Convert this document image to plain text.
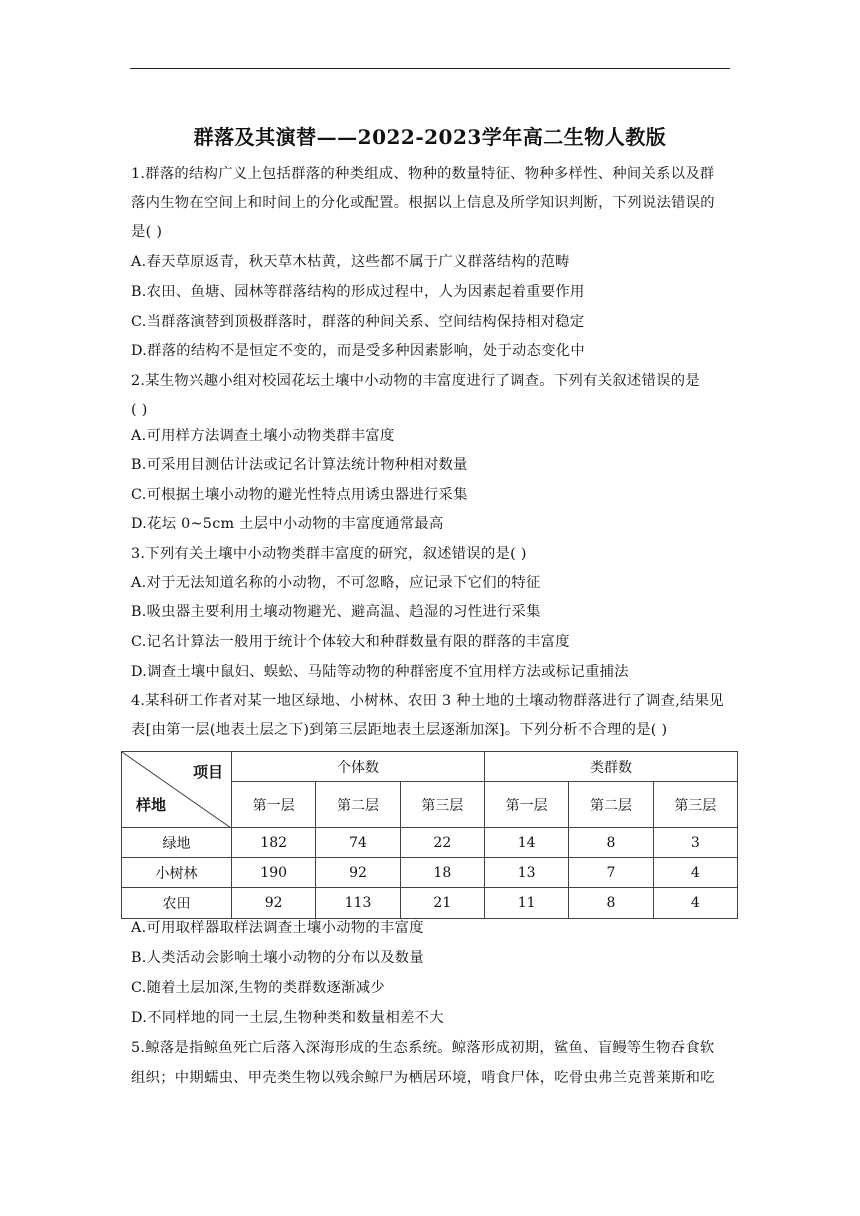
群落及其演替——2022-2023学年高二生物人教版
1.群落的结构广义上包括群落的种类组成、物种的数量特征、物种多样性、种间关系以及群
落内生物在空间上和时间上的分化或配置。根据以上信息及所学知识判断，下列说法错误的
是( )
A.春天草原返青，秋天草木枯黄，这些都不属于广义群落结构的范畴
B.农田、鱼塘、园林等群落结构的形成过程中，人为因素起着重要作用
C.当群落演替到顶极群落时，群落的种间关系、空间结构保持相对稳定
D.群落的结构不是恒定不变的，而是受多种因素影响，处于动态变化中
2.某生物兴趣小组对校园花坛土壤中小动物的丰富度进行了调查。下列有关叙述错误的是
( )
A.可用样方法调查土壤小动物类群丰富度
B.可采用目测估计法或记名计算法统计物种相对数量
C.可根据土壤小动物的避光性特点用诱虫器进行采集
D.花坛 0~5cm 土层中小动物的丰富度通常最高
3.下列有关土壤中小动物类群丰富度的研究，叙述错误的是( )
A.对于无法知道名称的小动物，不可忽略，应记录下它们的特征
B.吸虫器主要利用土壤动物避光、避高温、趋湿的习性进行采集
C.记名计算法一般用于统计个体较大和种群数量有限的群落的丰富度
D.调查土壤中鼠妇、蜈蚣、马陆等动物的种群密度不宜用样方法或标记重捕法
4.某科研工作者对某一地区绿地、小树林、农田 3 种土地的土壤动物群落进行了调查,结果见
表[由第一层(地表土层之下)到第三层距地表土层逐渐加深]。下列分析不合理的是( )
项目
样地	个体数			类群数		
	第一层	第二层	第三层	第一层	第二层	第三层
绿地	182	74	22	14	8	3
小树林	190	92	18	13	7	4
农田	92	113	21	11	8	4
A.可用取样器取样法调查土壤小动物的丰富度
B.人类活动会影响土壤小动物的分布以及数量
C.随着土层加深,生物的类群数逐渐减少
D.不同样地的同一土层,生物种类和数量相差不大
5.鲸落是指鲸鱼死亡后落入深海形成的生态系统。鲸落形成初期，鲨鱼、盲鳗等生物吞食软
组织；中期蠕虫、甲壳类生物以残余鲸尸为栖居环境，啃食尸体，吃骨虫弗兰克普莱斯和吃
